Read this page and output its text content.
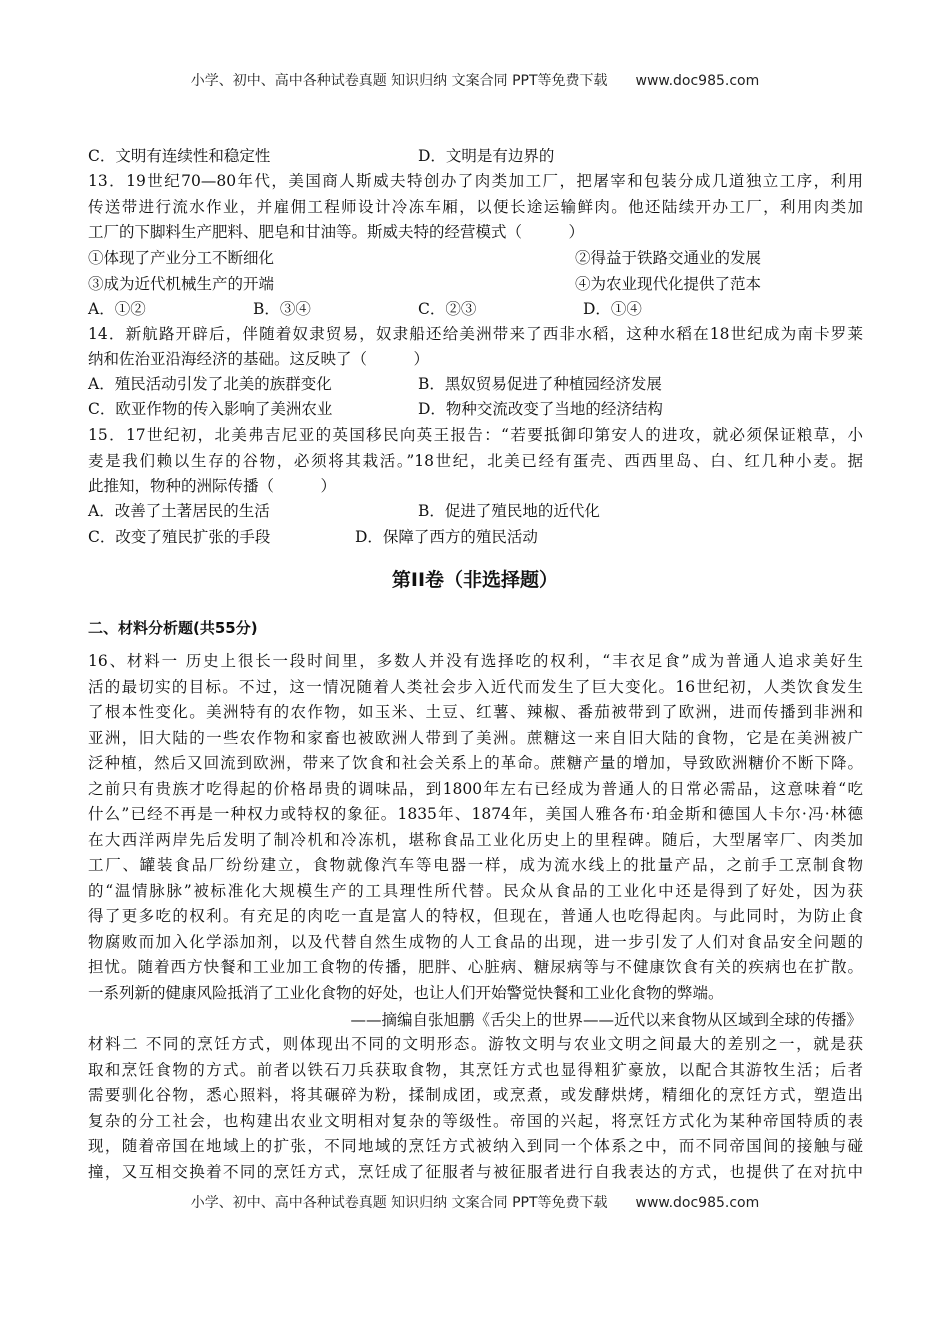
小学、初中、高中各种试卷真题 知识归纳 文案合同 PPT等免费下载 www.doc985.com
C．文明有连续性和稳定性	D．文明是有边界的
13．19世纪70—80年代，美国商人斯威夫特创办了肉类加工厂，把屠宰和包装分成几道独立工序，利用
传送带进行流水作业，并雇佣工程师设计冷冻车厢，以便长途运输鲜肉。他还陆续开办工厂，利用肉类加
工厂的下脚料生产肥料、肥皂和甘油等。斯威夫特的经营模式（　　　）
①体现了产业分工不断细化	②得益于铁路交通业的发展
③成为近代机械生产的开端	④为农业现代化提供了范本
A．①②	B．③④	C．②③	D．①④
14．新航路开辟后，伴随着奴隶贸易，奴隶船还给美洲带来了西非水稻，这种水稻在18世纪成为南卡罗莱
纳和佐治亚沿海经济的基础。这反映了（　　　）
A．殖民活动引发了北美的族群变化	B．黑奴贸易促进了种植园经济发展
C．欧亚作物的传入影响了美洲农业	D．物种交流改变了当地的经济结构
15．17世纪初，北美弗吉尼亚的英国移民向英王报告：“若要抵御印第安人的进攻，就必须保证粮草，小
麦是我们赖以生存的谷物，必须将其栽活。”18世纪，北美已经有蛋壳、西西里岛、白、红几种小麦。据
此推知，物种的洲际传播（　　　）
A．改善了土著居民的生活	B．促进了殖民地的近代化
C．改变了殖民扩张的手段	D．保障了西方的殖民活动
第II卷（非选择题）
二、材料分析题(共55分)
16、材料一 历史上很长一段时间里，多数人并没有选择吃的权利，“丰衣足食”成为普通人追求美好生
活的最切实的目标。不过，这一情况随着人类社会步入近代而发生了巨大变化。16世纪初，人类饮食发生
了根本性变化。美洲特有的农作物，如玉米、土豆、红薯、辣椒、番茄被带到了欧洲，进而传播到非洲和
亚洲，旧大陆的一些农作物和家畜也被欧洲人带到了美洲。蔗糖这一来自旧大陆的食物，它是在美洲被广
泛种植，然后又回流到欧洲，带来了饮食和社会关系上的革命。蔗糖产量的增加，导致欧洲糖价不断下降。
之前只有贵族才吃得起的价格昂贵的调味品，到1800年左右已经成为普通人的日常必需品，这意味着“吃
什么”已经不再是一种权力或特权的象征。1835年、1874年，美国人雅各布·珀金斯和德国人卡尔·冯·林德
在大西洋两岸先后发明了制冷机和冷冻机，堪称食品工业化历史上的里程碑。随后，大型屠宰厂、肉类加
工厂、罐装食品厂纷纷建立，食物就像汽车等电器一样，成为流水线上的批量产品，之前手工烹制食物
的“温情脉脉”被标准化大规模生产的工具理性所代替。民众从食品的工业化中还是得到了好处，因为获
得了更多吃的权利。有充足的肉吃一直是富人的特权，但现在，普通人也吃得起肉。与此同时，为防止食
物腐败而加入化学添加剂，以及代替自然生成物的人工食品的出现，进一步引发了人们对食品安全问题的
担忧。随着西方快餐和工业加工食物的传播，肥胖、心脏病、糖尿病等与不健康饮食有关的疾病也在扩散。
一系列新的健康风险抵消了工业化食物的好处，也让人们开始警觉快餐和工业化食物的弊端。
——摘编自张旭鹏《舌尖上的世界——近代以来食物从区域到全球的传播》
材料二 不同的烹饪方式，则体现出不同的文明形态。游牧文明与农业文明之间最大的差别之一，就是获
取和烹饪食物的方式。前者以铁石刀兵获取食物，其烹饪方式也显得粗犷豪放，以配合其游牧生活；后者
需要驯化谷物，悉心照料，将其碾碎为粉，揉制成团，或烹煮，或发酵烘烤，精细化的烹饪方式，塑造出
复杂的分工社会，也构建出农业文明相对复杂的等级性。帝国的兴起，将烹饪方式化为某种帝国特质的表
现，随着帝国在地域上的扩张，不同地域的烹饪方式被纳入到同一个体系之中，而不同帝国间的接触与碰
撞，又互相交换着不同的烹饪方式，烹饪成了征服者与被征服者进行自我表达的方式，也提供了在对抗中
小学、初中、高中各种试卷真题 知识归纳 文案合同 PPT等免费下载 www.doc985.com
